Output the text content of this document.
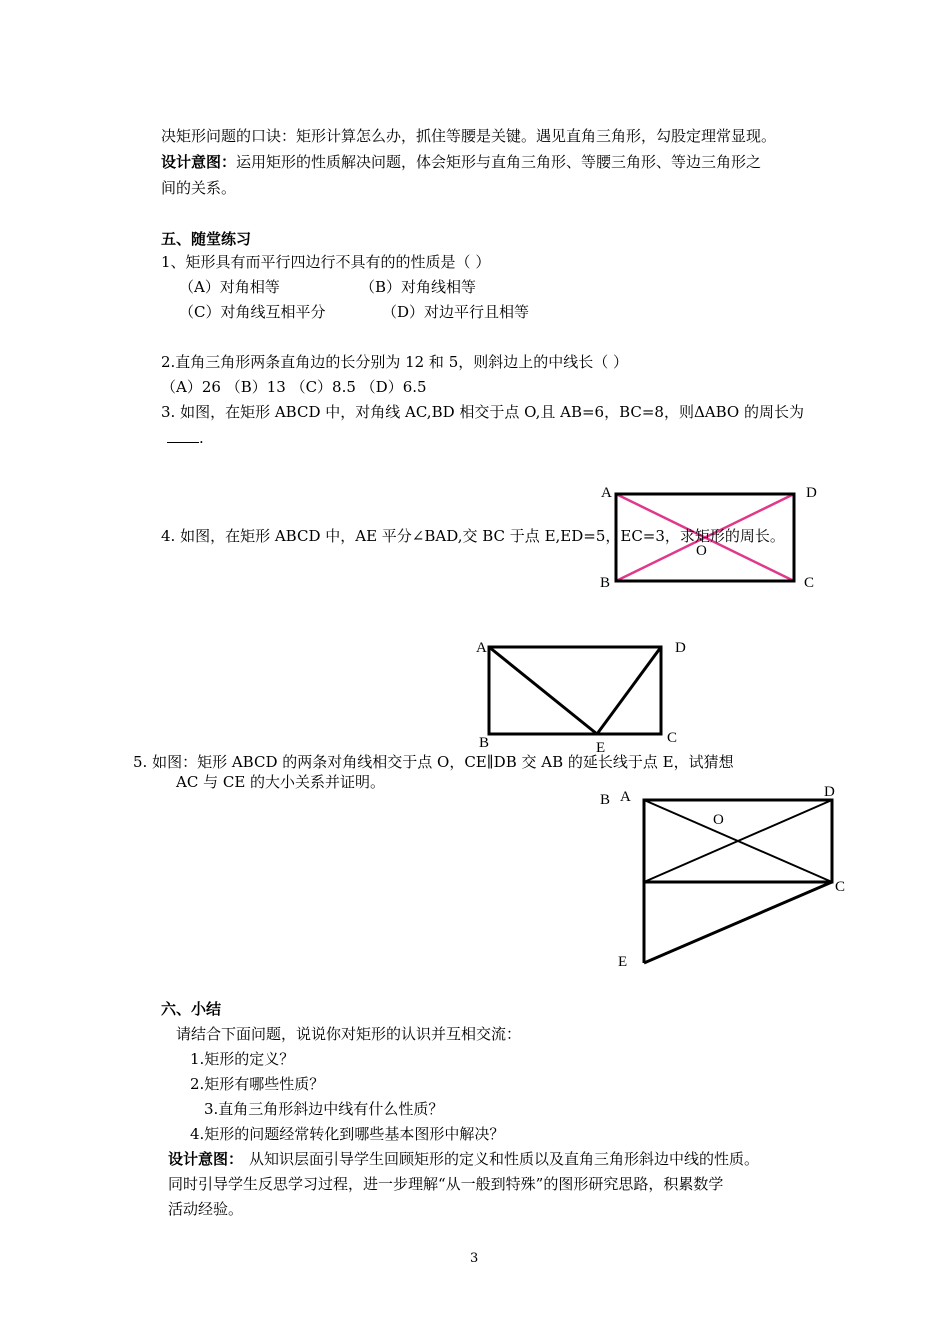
决矩形问题的口诀：矩形计算怎么办，抓住等腰是关键。遇见直角三角形，勾股定理常显现。
设计意图：运用矩形的性质解决问题，体会矩形与直角三角形、等腰三角形、等边三角形之
间的关系。
五、随堂练习
1、矩形具有而平行四边行不具有的的性质是（ ）
（A）对角相等	（B）对角线相等
（C）对角线互相平分	（D）对边平行且相等
2.直角三角形两条直角边的长分别为 12 和 5，则斜边上的中线长（ ）
（A）26 （B）13 （C）8.5 （D）6.5
3. 如图，在矩形 ABCD 中，对角线 AC,BD 相交于点 O,且 AB=6，BC=8，则ΔABO 的周长为
.
A	D
O
B	C
4. 如图，在矩形 ABCD 中，AE 平分∠BAD,交 BC 于点 E,ED=5，EC=3，求矩形的周长。
A	D
B	E
C
5. 如图：矩形 ABCD 的两条对角线相交于点 O，CE∥DB 交 AB 的延长线于点 E，试猜想
AC 与 CE 的大小关系并证明。
B A	D
O
C
E
六、小结
请结合下面问题，说说你对矩形的认识并互相交流：
1.矩形的定义？
2.矩形有哪些性质？
3.直角三角形斜边中线有什么性质？
4.矩形的问题经常转化到哪些基本图形中解决？
设计意图： 从知识层面引导学生回顾矩形的定义和性质以及直角三角形斜边中线的性质。
同时引导学生反思学习过程，进一步理解“从一般到特殊”的图形研究思路，积累数学
活动经验。
3
